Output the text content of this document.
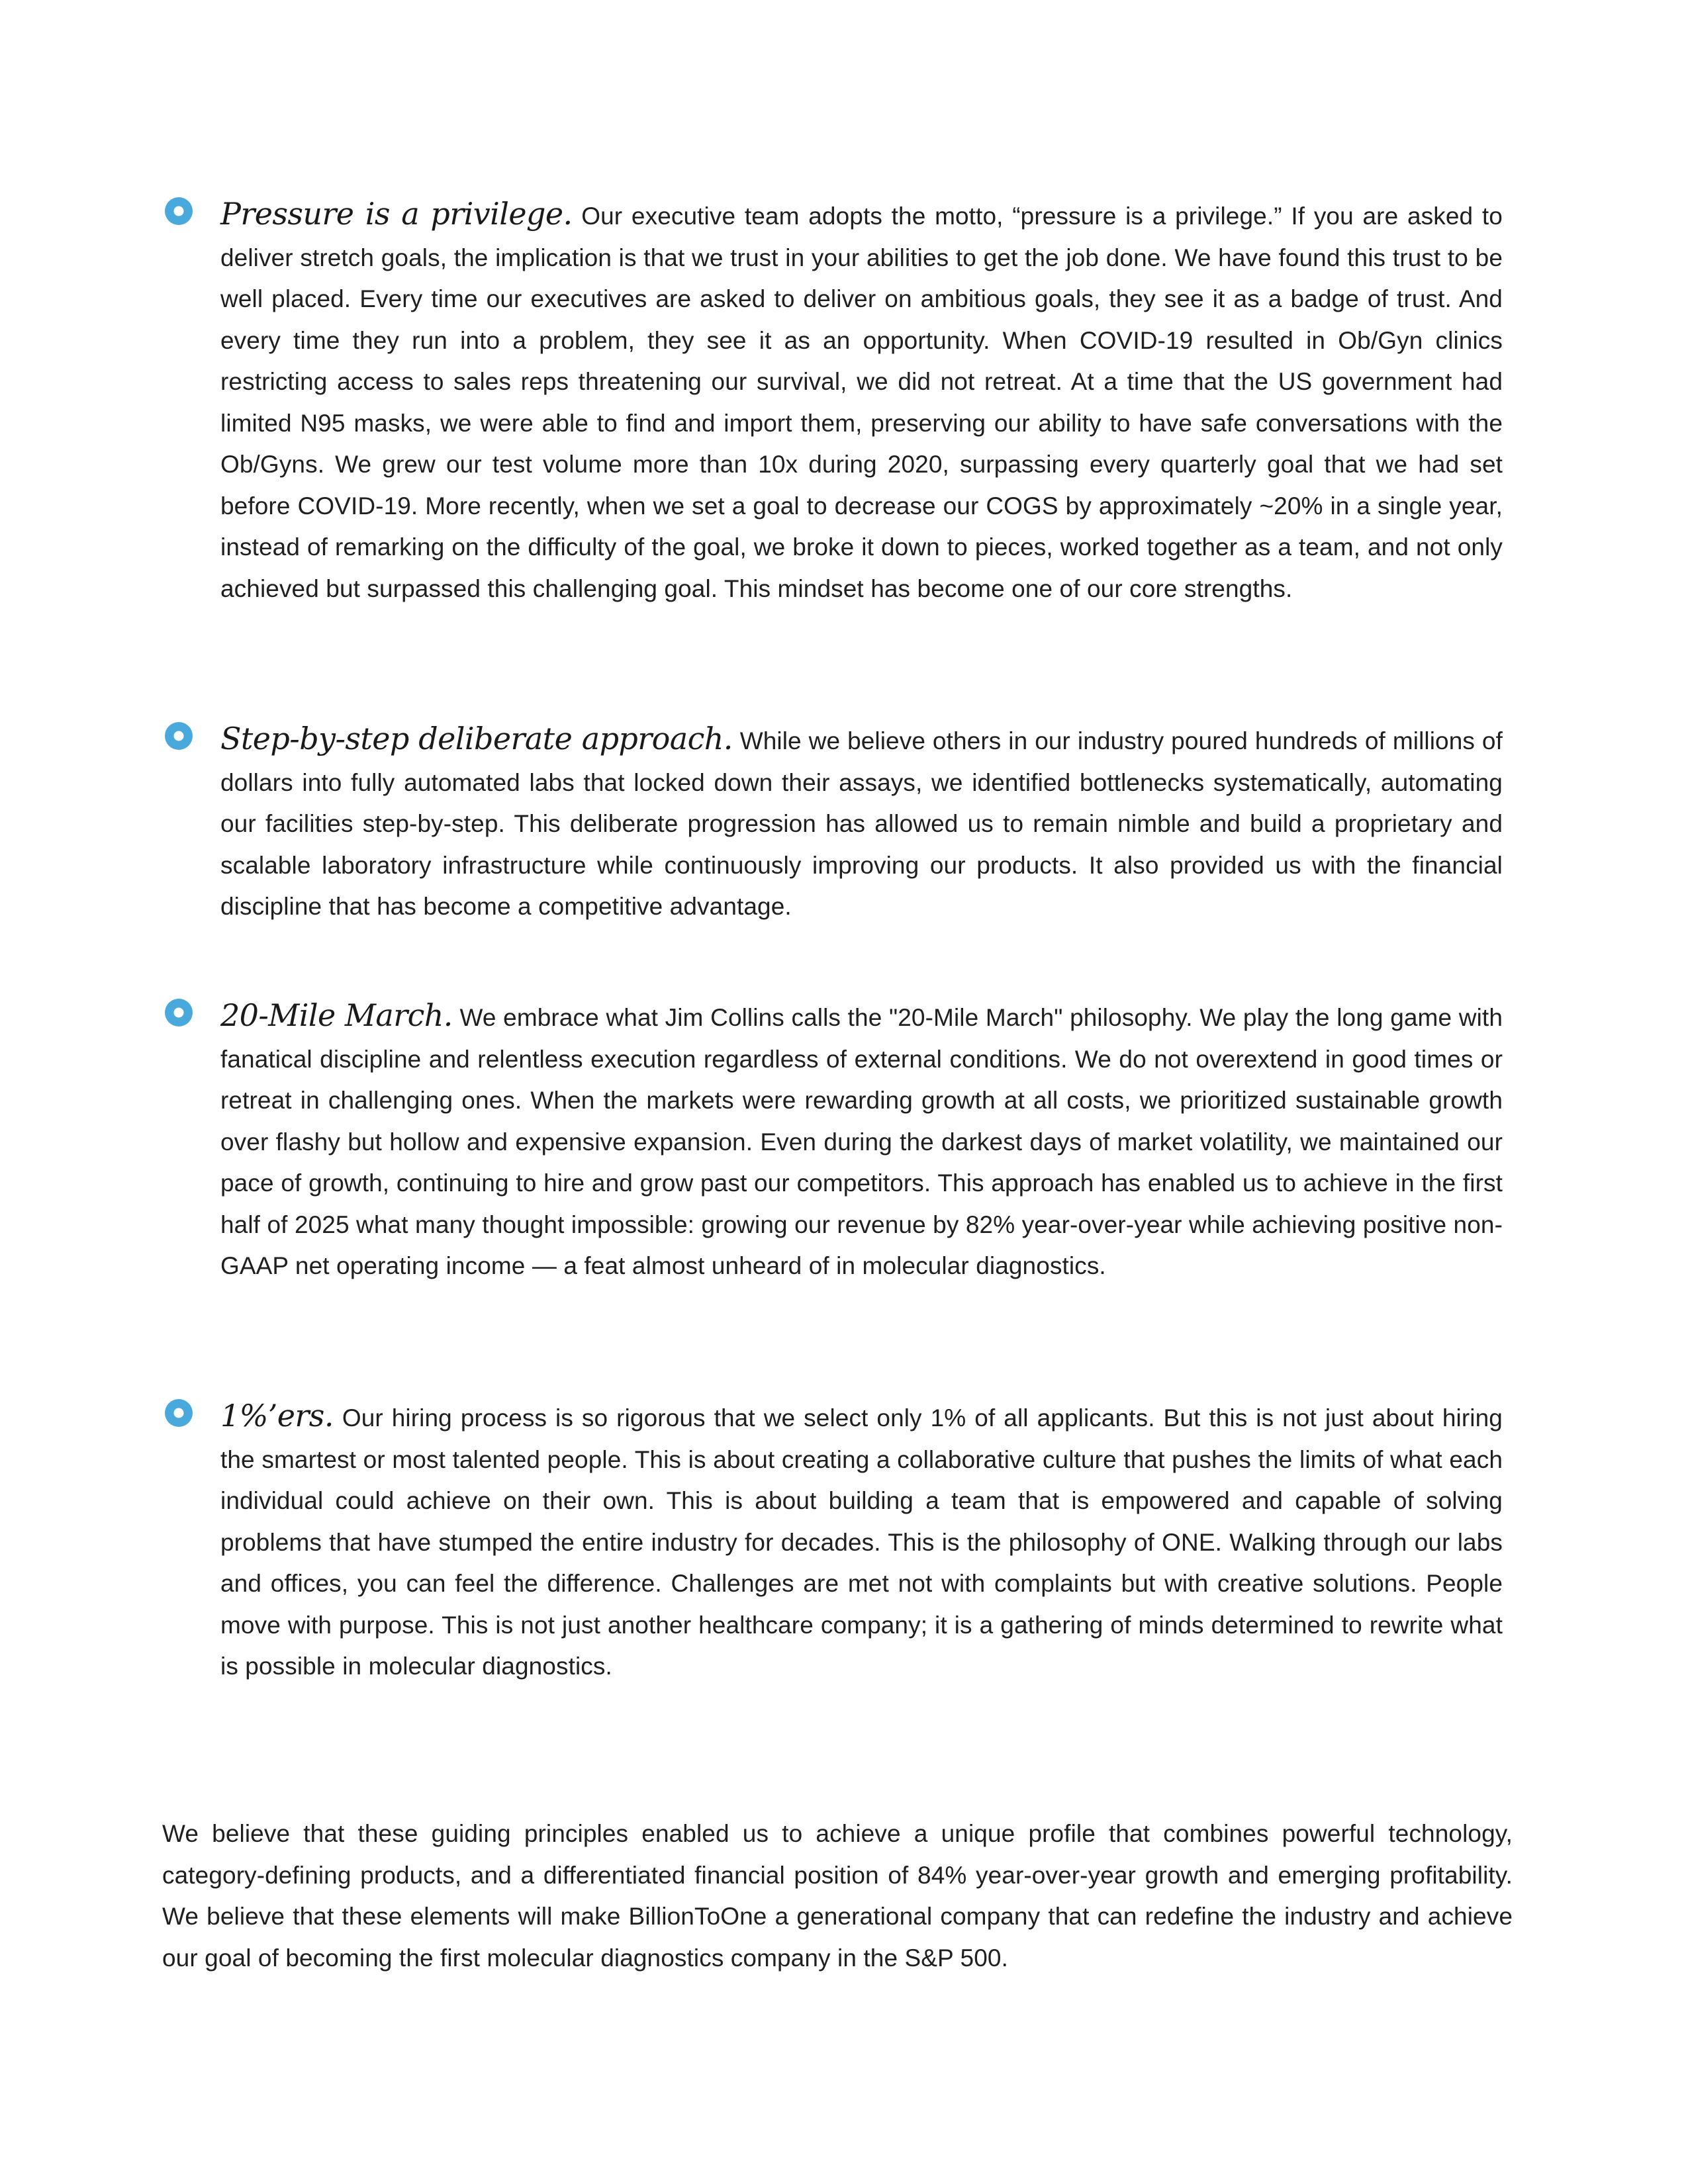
Pressure is a privilege. Our executive team adopts the motto, “pressure is a privilege.” If you are asked to deliver stretch goals, the implication is that we trust in your abilities to get the job done. We have found this trust to be well placed. Every time our executives are asked to deliver on ambitious goals, they see it as a badge of trust. And every time they run into a problem, they see it as an opportunity. When COVID-19 resulted in Ob/Gyn clinics restricting access to sales reps threatening our survival, we did not retreat. At a time that the US government had limited N95 masks, we were able to find and import them, preserving our ability to have safe conversations with the Ob/Gyns. We grew our test volume more than 10x during 2020, surpassing every quarterly goal that we had set before COVID-19. More recently, when we set a goal to decrease our COGS by approximately ~20% in a single year, instead of remarking on the difficulty of the goal, we broke it down to pieces, worked together as a team, and not only achieved but surpassed this challenging goal. This mindset has become one of our core strengths.

Step-by-step deliberate approach. While we believe others in our industry poured hundreds of millions of dollars into fully automated labs that locked down their assays, we identified bottlenecks systematically, automating our facilities step-by-step. This deliberate progression has allowed us to remain nimble and build a proprietary and scalable laboratory infrastructure while continuously improving our products. It also provided us with the financial discipline that has become a competitive advantage.

20-Mile March. We embrace what Jim Collins calls the "20-Mile March" philosophy. We play the long game with fanatical discipline and relentless execution regardless of external conditions. We do not overextend in good times or retreat in challenging ones. When the markets were rewarding growth at all costs, we prioritized sustainable growth over flashy but hollow and expensive expansion. Even during the darkest days of market volatility, we maintained our pace of growth, continuing to hire and grow past our competitors. This approach has enabled us to achieve in the first half of 2025 what many thought impossible: growing our revenue by 82% year-over-year while achieving positive non-GAAP net operating income — a feat almost unheard of in molecular diagnostics.

1%’ers. Our hiring process is so rigorous that we select only 1% of all applicants. But this is not just about hiring the smartest or most talented people. This is about creating a collaborative culture that pushes the limits of what each individual could achieve on their own. This is about building a team that is empowered and capable of solving problems that have stumped the entire industry for decades. This is the philosophy of ONE. Walking through our labs and offices, you can feel the difference. Challenges are met not with complaints but with creative solutions. People move with purpose. This is not just another healthcare company; it is a gathering of minds determined to rewrite what is possible in molecular diagnostics.

We believe that these guiding principles enabled us to achieve a unique profile that combines powerful technology, category-defining products, and a differentiated financial position of 84% year-over-year growth and emerging profitability. We believe that these elements will make BillionToOne a generational company that can redefine the industry and achieve our goal of becoming the first molecular diagnostics company in the S&P 500.
